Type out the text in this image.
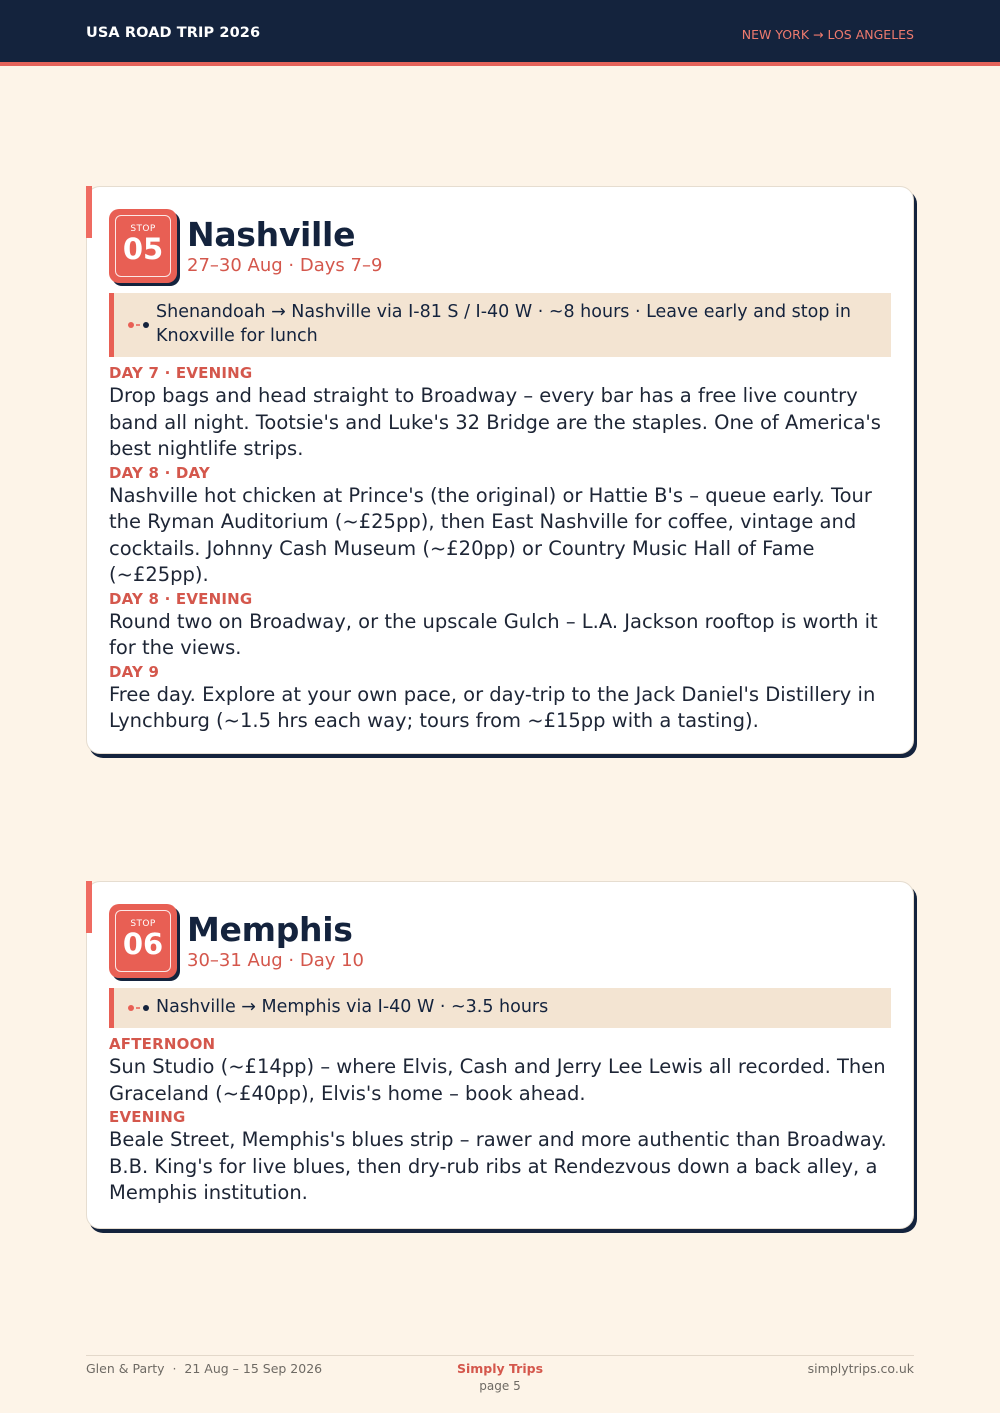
USA ROAD TRIP 2026	NEW YORK → LOS ANGELES
STOP
05 Nashville
27–30 Aug · Days 7–9
Shenandoah → Nashville via I-81 S / I-40 W · ~8 hours · Leave early and stop in Knoxville for lunch
DAY 7 · EVENING
Drop bags and head straight to Broadway – every bar has a free live country band all night. Tootsie's and Luke's 32 Bridge are the staples. One of America's best nightlife strips.
DAY 8 · DAY
Nashville hot chicken at Prince's (the original) or Hattie B's – queue early. Tour the Ryman Auditorium (~£25pp), then East Nashville for coffee, vintage and cocktails. Johnny Cash Museum (~£20pp) or Country Music Hall of Fame (~£25pp).
DAY 8 · EVENING
Round two on Broadway, or the upscale Gulch – L.A. Jackson rooftop is worth it for the views.
DAY 9
Free day. Explore at your own pace, or day-trip to the Jack Daniel's Distillery in Lynchburg (~1.5 hrs each way; tours from ~£15pp with a tasting).
STOP
06 Memphis
30–31 Aug · Day 10
Nashville → Memphis via I-40 W · ~3.5 hours
AFTERNOON
Sun Studio (~£14pp) – where Elvis, Cash and Jerry Lee Lewis all recorded. Then Graceland (~£40pp), Elvis's home – book ahead.
EVENING
Beale Street, Memphis's blues strip – rawer and more authentic than Broadway. B.B. King's for live blues, then dry-rub ribs at Rendezvous down a back alley, a Memphis institution.
Glen & Party  ·  21 Aug – 15 Sep 2026	Simply Trips
page 5
simplytrips.co.uk
